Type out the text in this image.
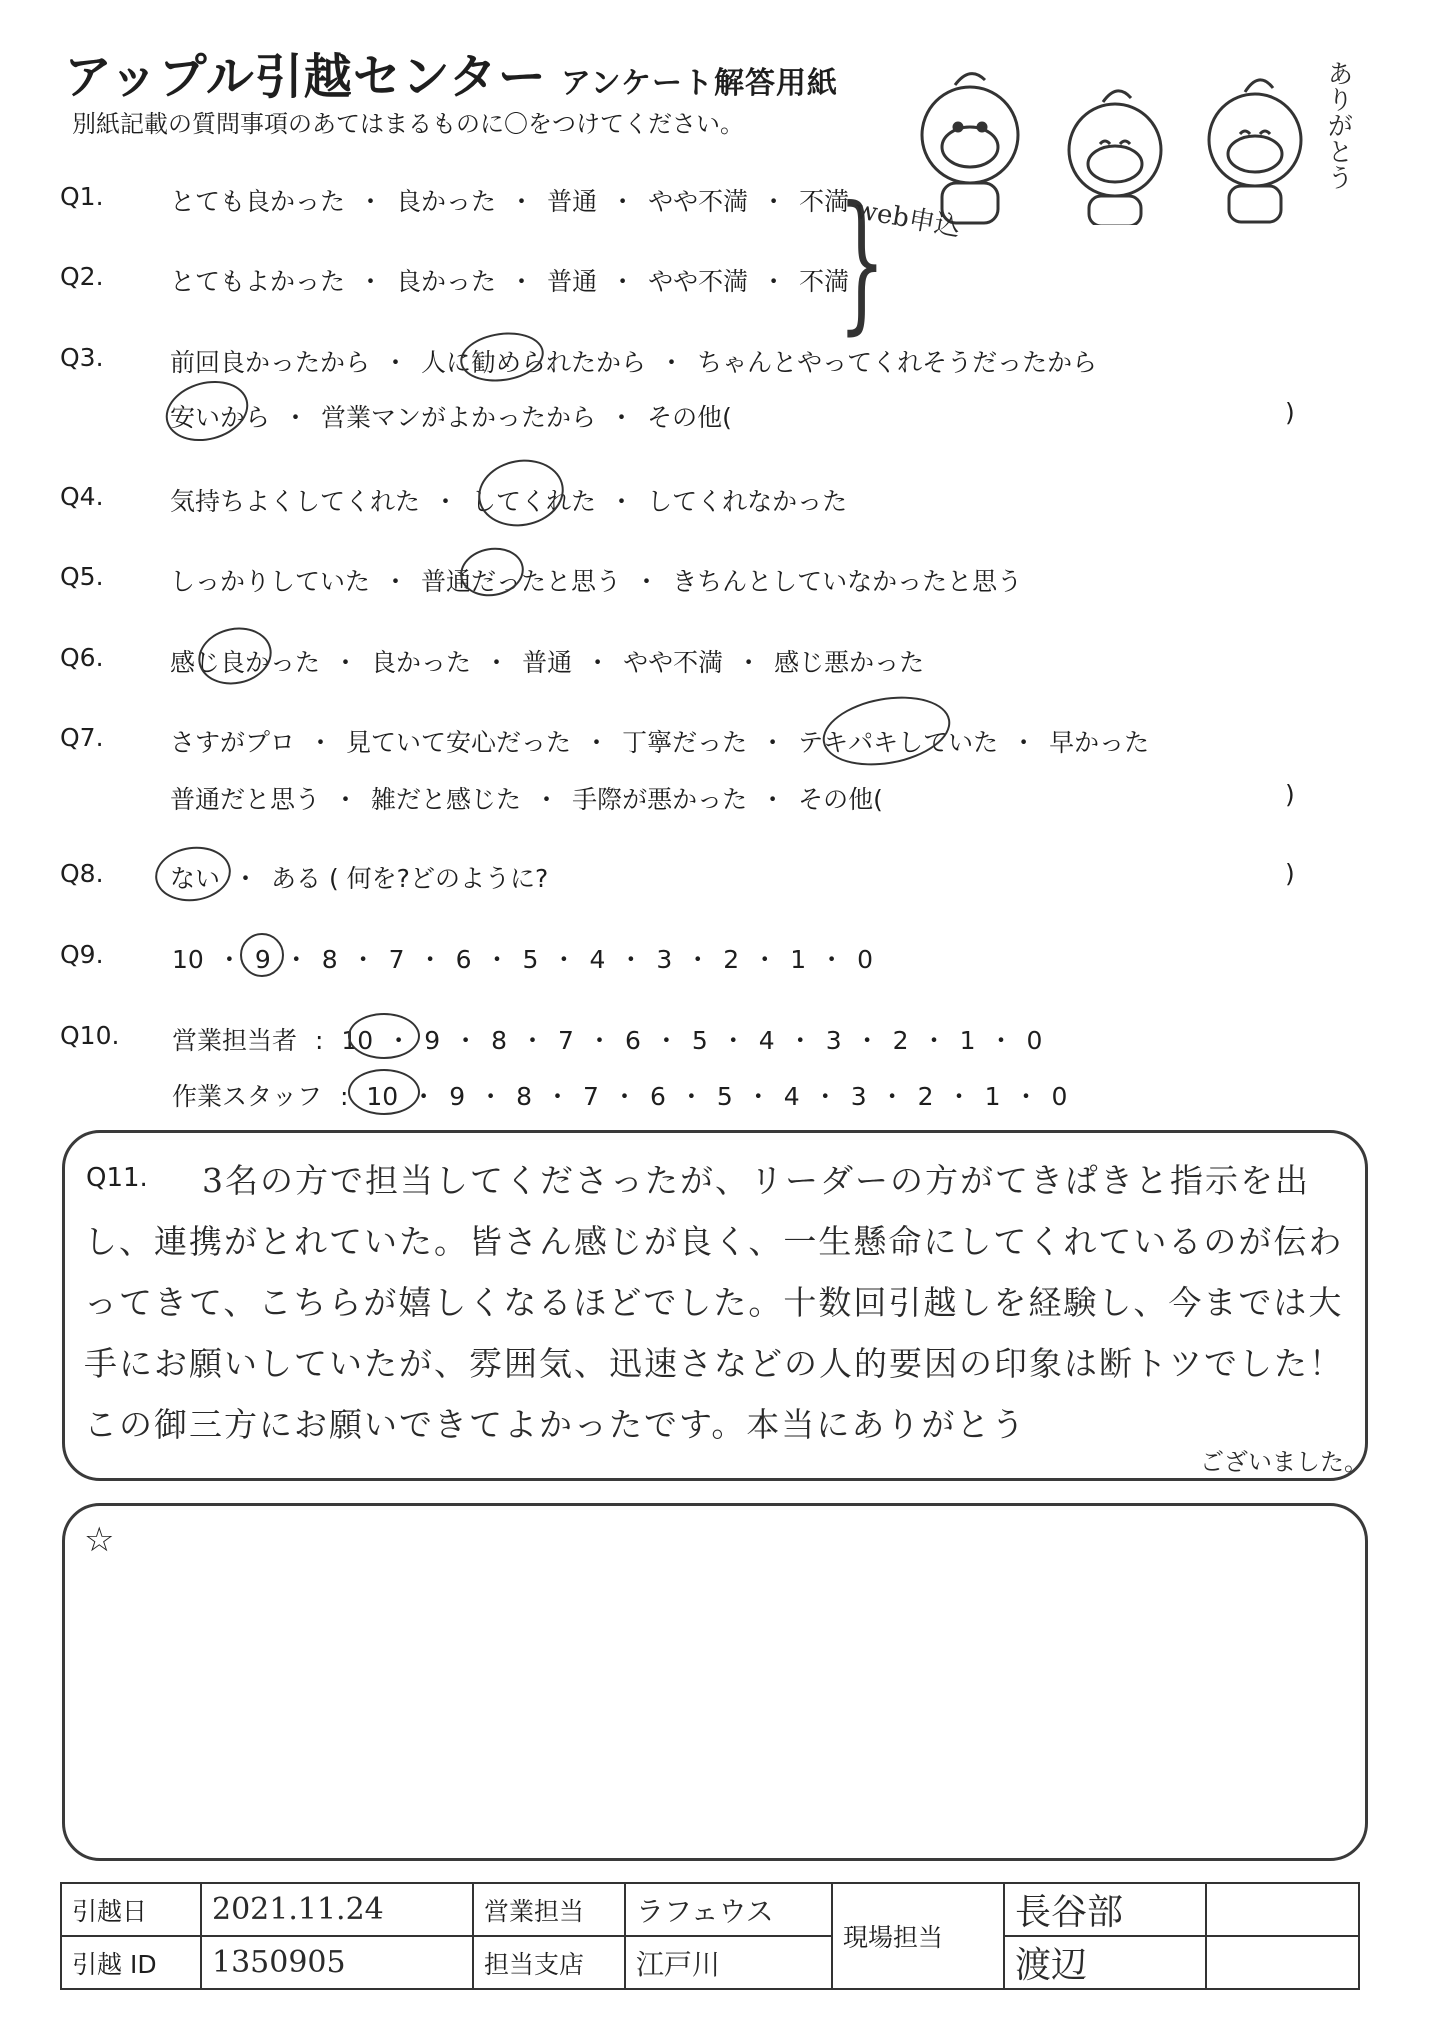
アップル引越センター アンケート解答用紙
別紙記載の質問事項のあてはまるものに〇をつけてください。	ありがとう
Q1.	とても良かった ・ 良かった ・ 普通 ・ やや不満 ・ 不満
Q2.	とてもよかった ・ 良かった ・ 普通 ・ やや不満 ・ 不満
}
web申込
Q3.	前回良かったから ・ 人に勧められたから ・ ちゃんとやってくれそうだったから
安いから ・ 営業マンがよかったから ・ その他(	)
Q4.	気持ちよくしてくれた ・ してくれた ・ してくれなかった
Q5.	しっかりしていた ・ 普通だったと思う ・ きちんとしていなかったと思う
Q6.	感じ良かった ・ 良かった ・ 普通 ・ やや不満 ・ 感じ悪かった
Q7.	さすがプロ ・ 見ていて安心だった ・ 丁寧だった ・ テキパキしていた ・ 早かった
普通だと思う ・ 雑だと感じた ・ 手際が悪かった ・ その他(	)
Q8.	ない ・ ある ( 何を?どのように?	)
Q9.	10 ・ 9 ・ 8 ・ 7 ・ 6 ・ 5 ・ 4 ・ 3 ・ 2 ・ 1 ・ 0
Q10. 営業担当者 : 10 ・ 9 ・ 8 ・ 7 ・ 6 ・ 5 ・ 4 ・ 3 ・ 2 ・ 1 ・ 0
作業スタッフ : 10 ・ 9 ・ 8 ・ 7 ・ 6 ・ 5 ・ 4 ・ 3 ・ 2 ・ 1 ・ 0
Q11.	3名の方で担当してくださったが、リーダーの方がてきぱきと指示を出し、連携がとれていた。皆さん感じが良く、一生懸命にしてくれているのが伝わってきて、こちらが嬉しくなるほどでした。十数回引越しを経験し、今までは大手にお願いしていたが、雰囲気、迅速さなどの人的要因の印象は断トツでした！この御三方にお願いできてよかったです。本当にありがとう
ございました。
☆
引越日	2021.11.24	営業担当	ラフェウス	現場担当	長谷部	
引越 ID	1350905	担当支店	江戸川		渡辺	
